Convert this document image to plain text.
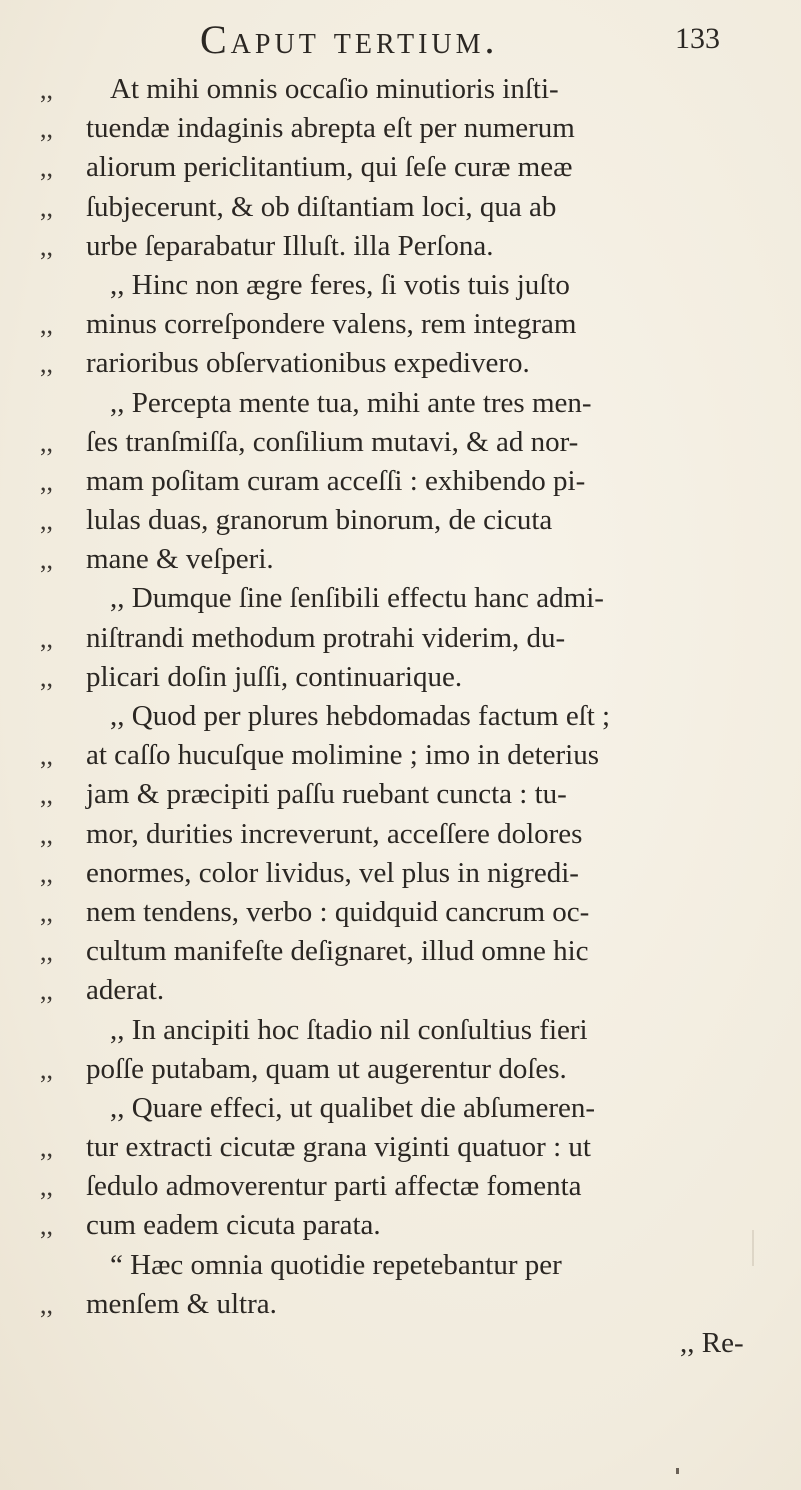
Caput tertium.	133
,,	At mihi omnis occaſio minutioris inſti-
,,	tuendæ indaginis abrepta eſt per numerum
,,	aliorum periclitantium, qui ſeſe curæ meæ
,,	ſubjecerunt, & ob diſtantiam loci, qua ab
,,	urbe ſeparabatur Illuſt. illa Perſona.
,, Hinc non ægre feres, ſi votis tuis juſto
,,	minus correſpondere valens, rem integram
,,	rarioribus obſervationibus expedivero.
,, Percepta mente tua, mihi ante tres men-
,,	ſes tranſmiſſa, conſilium mutavi, & ad nor-
,,	mam poſitam curam acceſſi : exhibendo pi-
,,	lulas duas, granorum binorum, de cicuta
,,	mane & veſperi.
,, Dumque ſine ſenſibili effectu hanc admi-
,,	niſtrandi methodum protrahi viderim, du-
,,	plicari doſin juſſi, continuarique.
,, Quod per plures hebdomadas factum eſt ;
,,	at caſſo hucuſque molimine ; imo in deterius
,,	jam & præcipiti paſſu ruebant cuncta : tu-
,,	mor, durities increverunt, acceſſere dolores
,,	enormes, color lividus, vel plus in nigredi-
,,	nem tendens, verbo : quidquid cancrum oc-
,,	cultum manifeſte deſignaret, illud omne hic
,,	aderat.
,, In ancipiti hoc ſtadio nil conſultius fieri
,,	poſſe putabam, quam ut augerentur doſes.
,, Quare effeci, ut qualibet die abſumeren-
,,	tur extracti cicutæ grana viginti quatuor : ut
,,	ſedulo admoverentur parti affectæ fomenta
,,	cum eadem cicuta parata.
“ Hæc omnia quotidie repetebantur per
,,	menſem & ultra.
,, Re-
